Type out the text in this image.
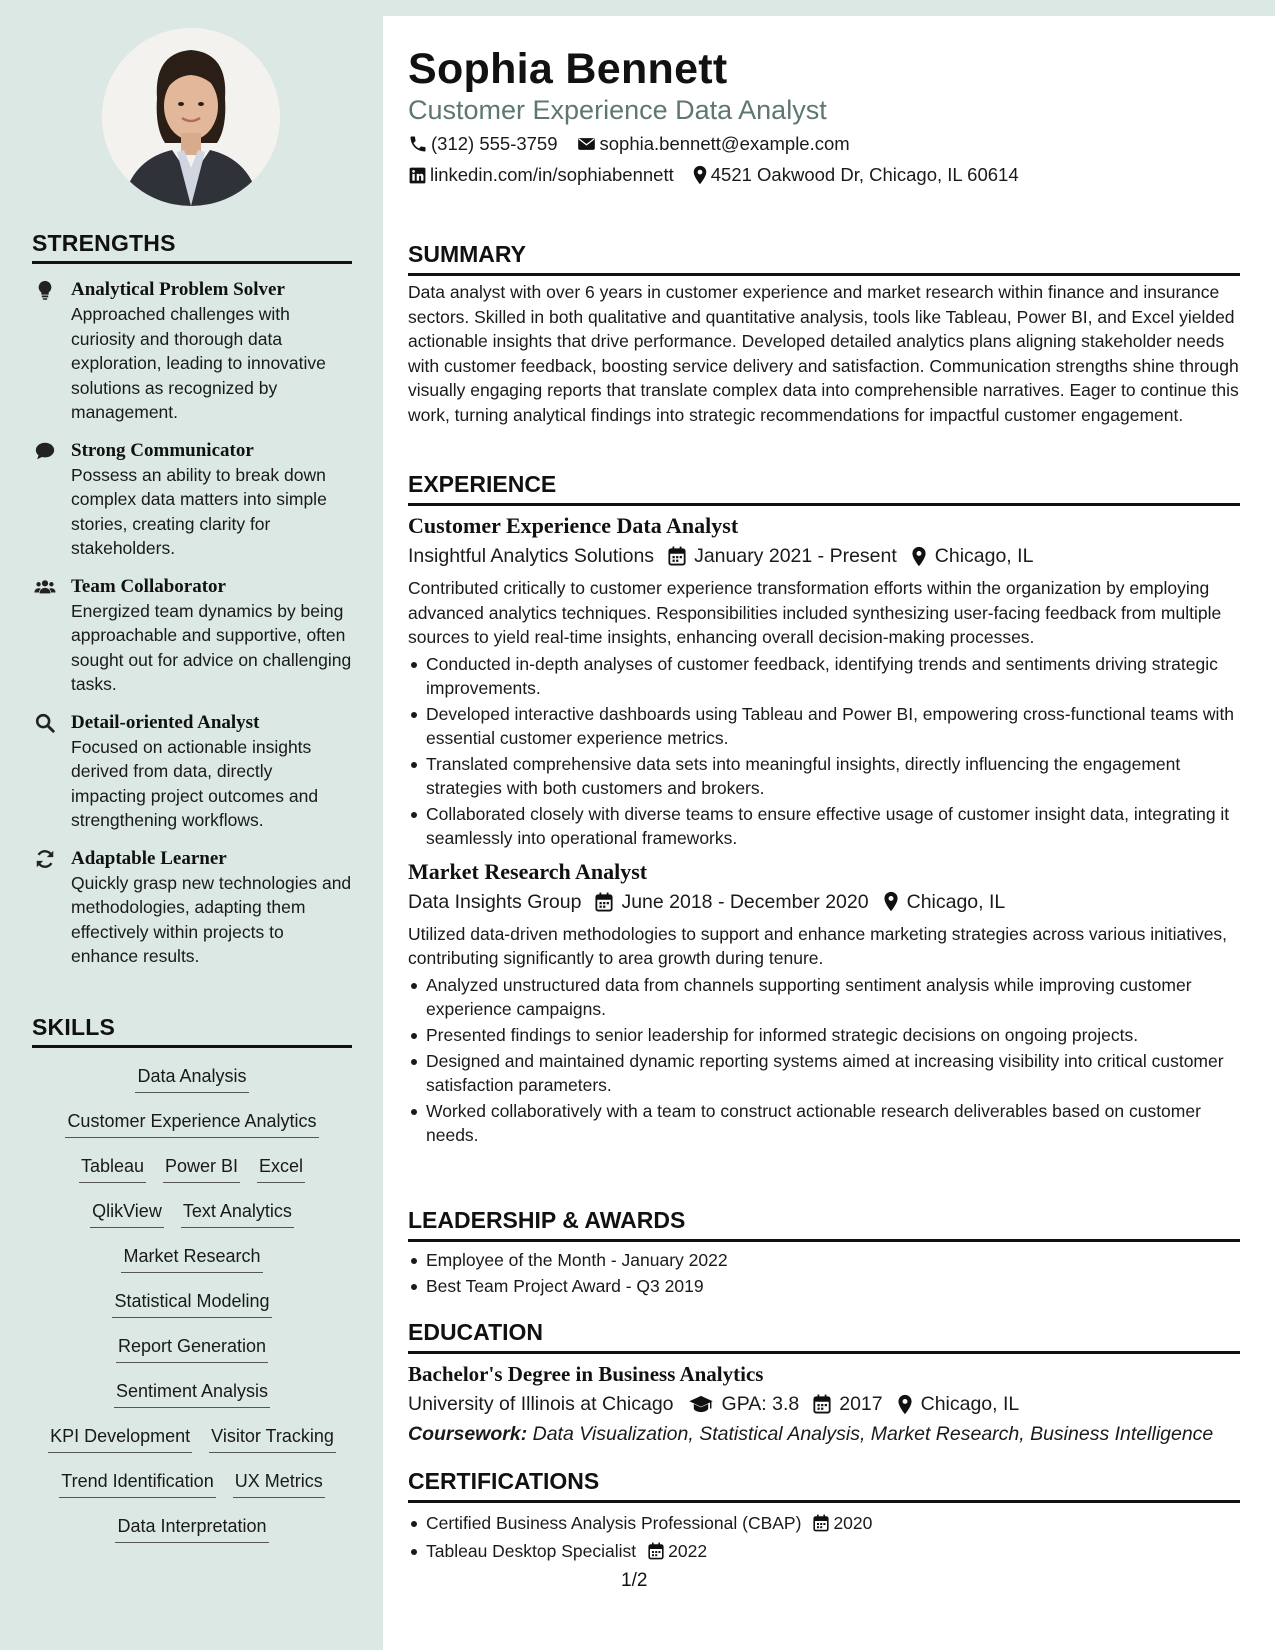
STRENGTHS
Analytical Problem Solver
Approached challenges with curiosity and thorough data exploration, leading to innovative solutions as recognized by management.
Strong Communicator
Possess an ability to break down complex data matters into simple stories, creating clarity for stakeholders.
Team Collaborator
Energized team dynamics by being approachable and supportive, often sought out for advice on challenging tasks.
Detail-oriented Analyst
Focused on actionable insights derived from data, directly impacting project outcomes and strengthening workflows.
Adaptable Learner
Quickly grasp new technologies and methodologies, adapting them effectively within projects to enhance results.
SKILLS
Data Analysis
Customer Experience Analytics
Tableau Power BI Excel
QlikView Text Analytics
Market Research
Statistical Modeling
Report Generation
Sentiment Analysis
KPI Development Visitor Tracking
Trend Identification UX Metrics
Data Interpretation
Sophia Bennett
Customer Experience Data Analyst
(312) 555-3759 sophia.bennett@example.com
linkedin.com/in/sophiabennett 4521 Oakwood Dr, Chicago, IL 60614
SUMMARY
Data analyst with over 6 years in customer experience and market research within finance and insurance sectors. Skilled in both qualitative and quantitative analysis, tools like Tableau, Power BI, and Excel yielded actionable insights that drive performance. Developed detailed analytics plans aligning stakeholder needs with customer feedback, boosting service delivery and satisfaction. Communication strengths shine through visually engaging reports that translate complex data into comprehensible narratives. Eager to continue this work, turning analytical findings into strategic recommendations for impactful customer engagement.
EXPERIENCE
Customer Experience Data Analyst
Insightful Analytics Solutions January 2021 - Present Chicago, IL
Contributed critically to customer experience transformation efforts within the organization by employing advanced analytics techniques. Responsibilities included synthesizing user-facing feedback from multiple sources to yield real-time insights, enhancing overall decision-making processes.
Conducted in-depth analyses of customer feedback, identifying trends and sentiments driving strategic improvements.
Developed interactive dashboards using Tableau and Power BI, empowering cross-functional teams with essential customer experience metrics.
Translated comprehensive data sets into meaningful insights, directly influencing the engagement strategies with both customers and brokers.
Collaborated closely with diverse teams to ensure effective usage of customer insight data, integrating it seamlessly into operational frameworks.
Market Research Analyst
Data Insights Group June 2018 - December 2020 Chicago, IL
Utilized data-driven methodologies to support and enhance marketing strategies across various initiatives, contributing significantly to area growth during tenure.
Analyzed unstructured data from channels supporting sentiment analysis while improving customer experience campaigns.
Presented findings to senior leadership for informed strategic decisions on ongoing projects.
Designed and maintained dynamic reporting systems aimed at increasing visibility into critical customer satisfaction parameters.
Worked collaboratively with a team to construct actionable research deliverables based on customer needs.
LEADERSHIP & AWARDS
Employee of the Month - January 2022
Best Team Project Award - Q3 2019
EDUCATION
Bachelor's Degree in Business Analytics
University of Illinois at Chicago GPA: 3.8 2017 Chicago, IL
Coursework: Data Visualization, Statistical Analysis, Market Research, Business Intelligence
CERTIFICATIONS
Certified Business Analysis Professional (CBAP) 2020
Tableau Desktop Specialist 2022
1/2
